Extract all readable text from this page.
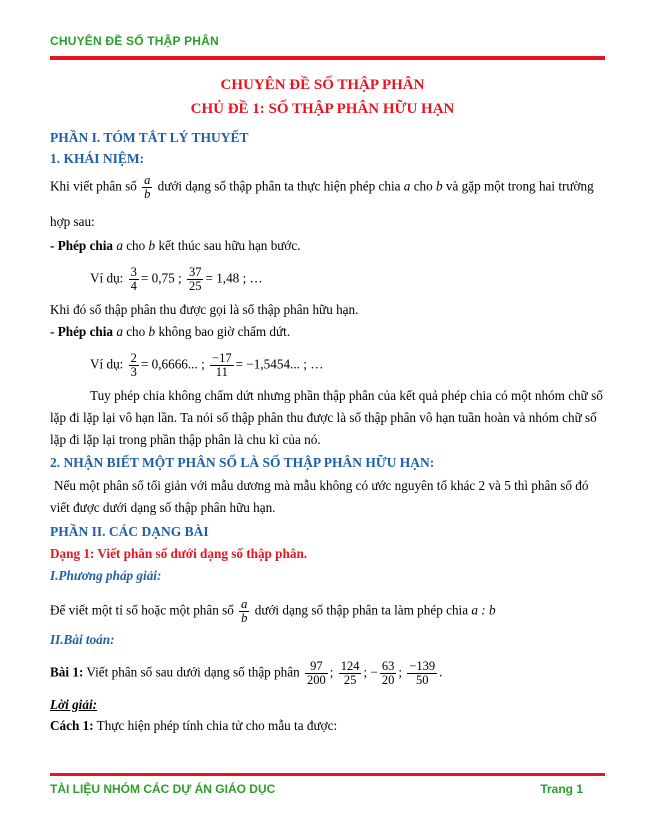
CHUYÊN ĐỀ SỐ THẬP PHÂN
CHUYÊN ĐỀ SỐ THẬP PHÂN
CHỦ ĐỀ 1: SỐ THẬP PHÂN HỮU HẠN
PHẦN I. TÓM TẮT LÝ THUYẾT
1. KHÁI NIỆM:
Khi viết phân số $\frac{a}{b}$ dưới dạng số thập phân ta thực hiện phép chia a cho b và gặp một trong hai trường
hợp sau:
- Phép chia a cho b kết thúc sau hữu hạn bước.
Ví dụ: $\frac{3}{4} = 0,75$ ; $\frac{37}{25} = 1,48$ ; …
Khi đó số thập phân thu được gọi là số thập phân hữu hạn.
- Phép chia a cho b không bao giờ chấm dứt.
Ví dụ: $\frac{2}{3} = 0,6666$... ; $\frac{-17}{11} = -1,5454$... ; …
Tuy phép chia không chấm dứt nhưng phần thập phân của kết quả phép chia có một nhóm chữ số
lặp đi lặp lại vô hạn lần. Ta nói số thập phân thu được là số thập phân vô hạn tuần hoàn và nhóm chữ số
lặp đi lặp lại trong phần thập phân là chu kì của nó.
2. NHẬN BIẾT MỘT PHÂN SỐ LÀ SỐ THẬP PHÂN HỮU HẠN:
Nếu một phân số tối giản với mẫu dương mà mẫu không có ước nguyên tố khác 2 và 5 thì phân số đó
viết được dưới dạng số thập phân hữu hạn.
PHẦN II. CÁC DẠNG BÀI
Dạng 1: Viết phân số dưới dạng số thập phân.
I.Phương pháp giải:
Để viết một tỉ số hoặc một phân số $\frac{a}{b}$ dưới dạng số thập phân ta làm phép chia a : b
II.Bài toán:
Bài 1: Viết phân số sau dưới dạng số thập phân $\frac{97}{200}$ ; $\frac{124}{25}$ ; − $\frac{63}{20}$ ; $\frac{-139}{50}$ .
Lời giải:
Cách 1: Thực hiện phép tính chia tử cho mẫu ta được:
TÀI LIỆU NHÓM CÁC DỰ ÁN GIÁO DỤC	Trang 1
